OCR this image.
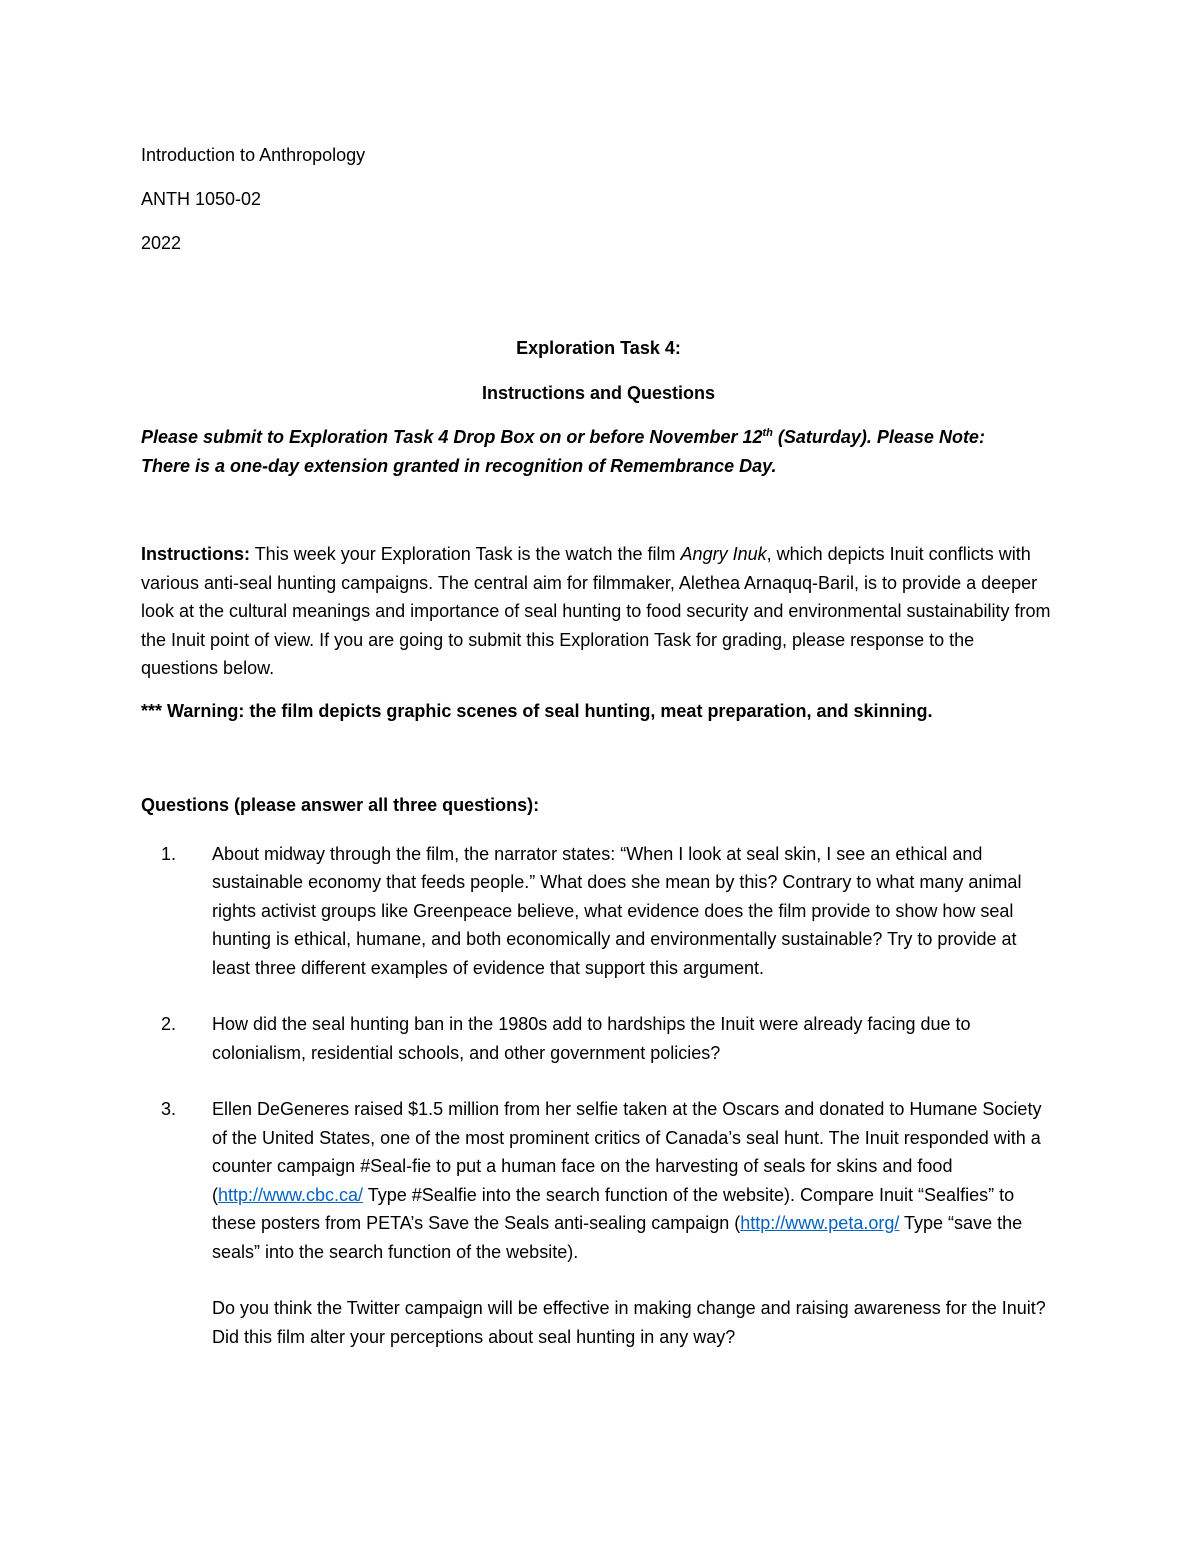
Introduction to Anthropology

ANTH 1050-02

2022

Exploration Task 4:

Instructions and Questions

Please submit to Exploration Task 4 Drop Box on or before November 12th (Saturday). Please Note:

There is a one-day extension granted in recognition of Remembrance Day.

Instructions: This week your Exploration Task is the watch the film Angry Inuk, which depicts Inuit conflicts with various anti-seal hunting campaigns. The central aim for filmmaker, Alethea Arnaquq-Baril, is to provide a deeper look at the cultural meanings and importance of seal hunting to food security and environmental sustainability from the Inuit point of view. If you are going to submit this Exploration Task for grading, please response to the questions below.

*** Warning: the film depicts graphic scenes of seal hunting, meat preparation, and skinning.

Questions (please answer all three questions):

1. About midway through the film, the narrator states: “When I look at seal skin, I see an ethical and sustainable economy that feeds people.” What does she mean by this? Contrary to what many animal rights activist groups like Greenpeace believe, what evidence does the film provide to show how seal hunting is ethical, humane, and both economically and environmentally sustainable? Try to provide at least three different examples of evidence that support this argument.

2. How did the seal hunting ban in the 1980s add to hardships the Inuit were already facing due to colonialism, residential schools, and other government policies?

3. Ellen DeGeneres raised $1.5 million from her selfie taken at the Oscars and donated to Humane Society of the United States, one of the most prominent critics of Canada’s seal hunt. The Inuit responded with a counter campaign #Seal-fie to put a human face on the harvesting of seals for skins and food (http://www.cbc.ca/ Type #Sealfie into the search function of the website). Compare Inuit “Sealfies” to these posters from PETA’s Save the Seals anti-sealing campaign (http://www.peta.org/ Type “save the seals” into the search function of the website).

Do you think the Twitter campaign will be effective in making change and raising awareness for the Inuit? Did this film alter your perceptions about seal hunting in any way?
